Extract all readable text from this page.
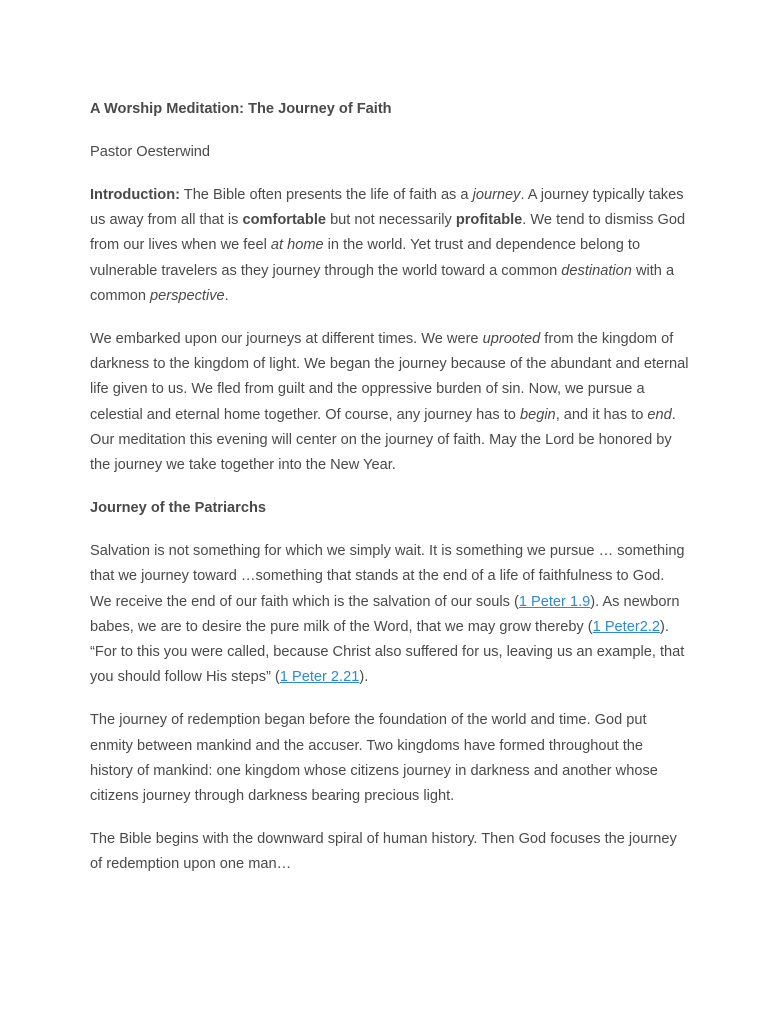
A Worship Meditation: The Journey of Faith

Pastor Oesterwind

Introduction: The Bible often presents the life of faith as a journey. A journey typically takes us away from all that is comfortable but not necessarily profitable. We tend to dismiss God from our lives when we feel at home in the world. Yet trust and dependence belong to vulnerable travelers as they journey through the world toward a common destination with a common perspective.

We embarked upon our journeys at different times. We were uprooted from the kingdom of darkness to the kingdom of light. We began the journey because of the abundant and eternal life given to us. We fled from guilt and the oppressive burden of sin. Now, we pursue a celestial and eternal home together. Of course, any journey has to begin, and it has to end. Our meditation this evening will center on the journey of faith. May the Lord be honored by the journey we take together into the New Year.

Journey of the Patriarchs

Salvation is not something for which we simply wait. It is something we pursue … something that we journey toward …something that stands at the end of a life of faithfulness to God. We receive the end of our faith which is the salvation of our souls (1 Peter 1.9). As newborn babes, we are to desire the pure milk of the Word, that we may grow thereby (1 Peter2.2). “For to this you were called, because Christ also suffered for us, leaving us an example, that you should follow His steps” (1 Peter 2.21).

The journey of redemption began before the foundation of the world and time. God put enmity between mankind and the accuser. Two kingdoms have formed throughout the history of mankind: one kingdom whose citizens journey in darkness and another whose citizens journey through darkness bearing precious light.

The Bible begins with the downward spiral of human history. Then God focuses the journey of redemption upon one man…
